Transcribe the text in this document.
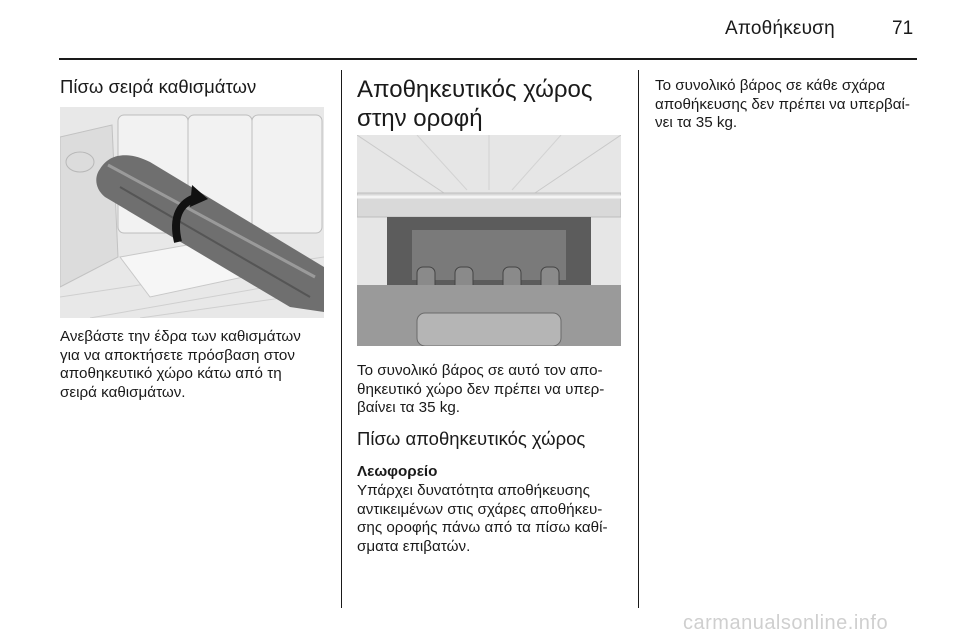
Αποθήκευση	71
Πίσω σειρά καθισμάτων
Ανεβάστε την έδρα των καθισμάτων
για να αποκτήσετε πρόσβαση στον
αποθηκευτικό χώρο κάτω από τη
σειρά καθισμάτων.
Αποθηκευτικός χώρος
στην οροφή
Το συνολικό βάρος σε αυτό τον απο-
θηκευτικό χώρο δεν πρέπει να υπερ-
βαίνει τα 35 kg.
Πίσω αποθηκευτικός χώρος
Λεωφορείο
Υπάρχει δυνατότητα αποθήκευσης
αντικειμένων στις σχάρες αποθήκευ-
σης οροφής πάνω από τα πίσω καθί-
σματα επιβατών.
Το συνολικό βάρος σε κάθε σχάρα
αποθήκευσης δεν πρέπει να υπερβαί-
νει τα 35 kg.
carmanualsonline.info
